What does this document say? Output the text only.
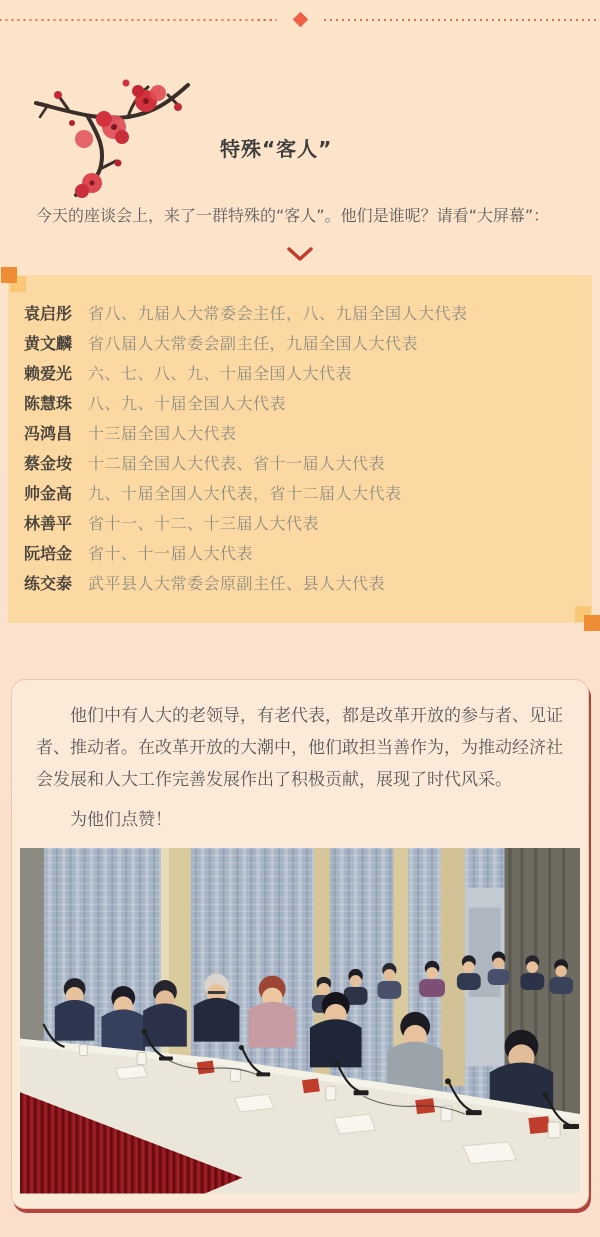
特殊“客人”

今天的座谈会上，来了一群特殊的“客人”。他们是谁呢？请看“大屏幕”：

袁启彤 省八、九届人大常委会主任，八、九届全国人大代表
黄文麟 省八届人大常委会副主任，九届全国人大代表
赖爱光 六、七、八、九、十届全国人大代表
陈慧珠 八、九、十届全国人大代表
冯鸿昌 十三届全国人大代表
蔡金垵 十二届全国人大代表、省十一届人大代表
帅金高 九、十届全国人大代表，省十二届人大代表
林善平 省十一、十二、十三届人大代表
阮培金 省十、十一届人大代表
练交泰 武平县人大常委会原副主任、县人大代表

他们中有人大的老领导，有老代表，都是改革开放的参与者、见证者、推动者。在改革开放的大潮中，他们敢担当善作为，为推动经济社会发展和人大工作完善发展作出了积极贡献，展现了时代风采。

为他们点赞！
